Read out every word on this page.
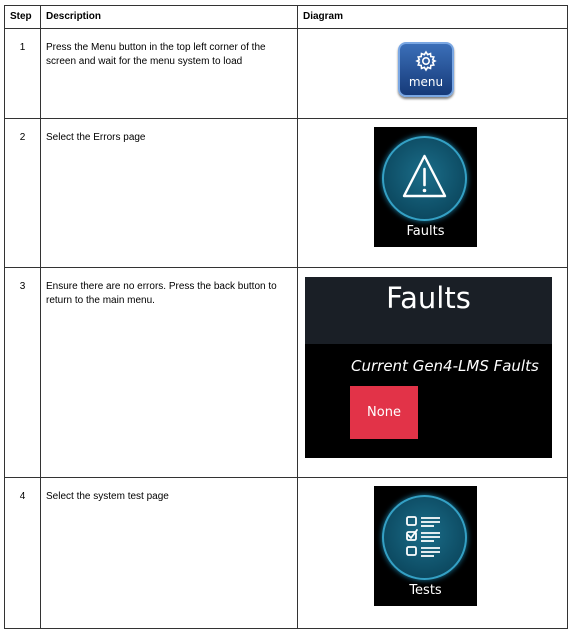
Step	Description	Diagram
1	Press the Menu button in the top left corner of the screen and wait for the menu system to load	menu

2	Select the Errors page	Faults

3	Ensure there are no errors. Press the back button to return to the main menu.	Faults
Current Gen4-LMS Faults
None

4	Select the system test page	Tests
